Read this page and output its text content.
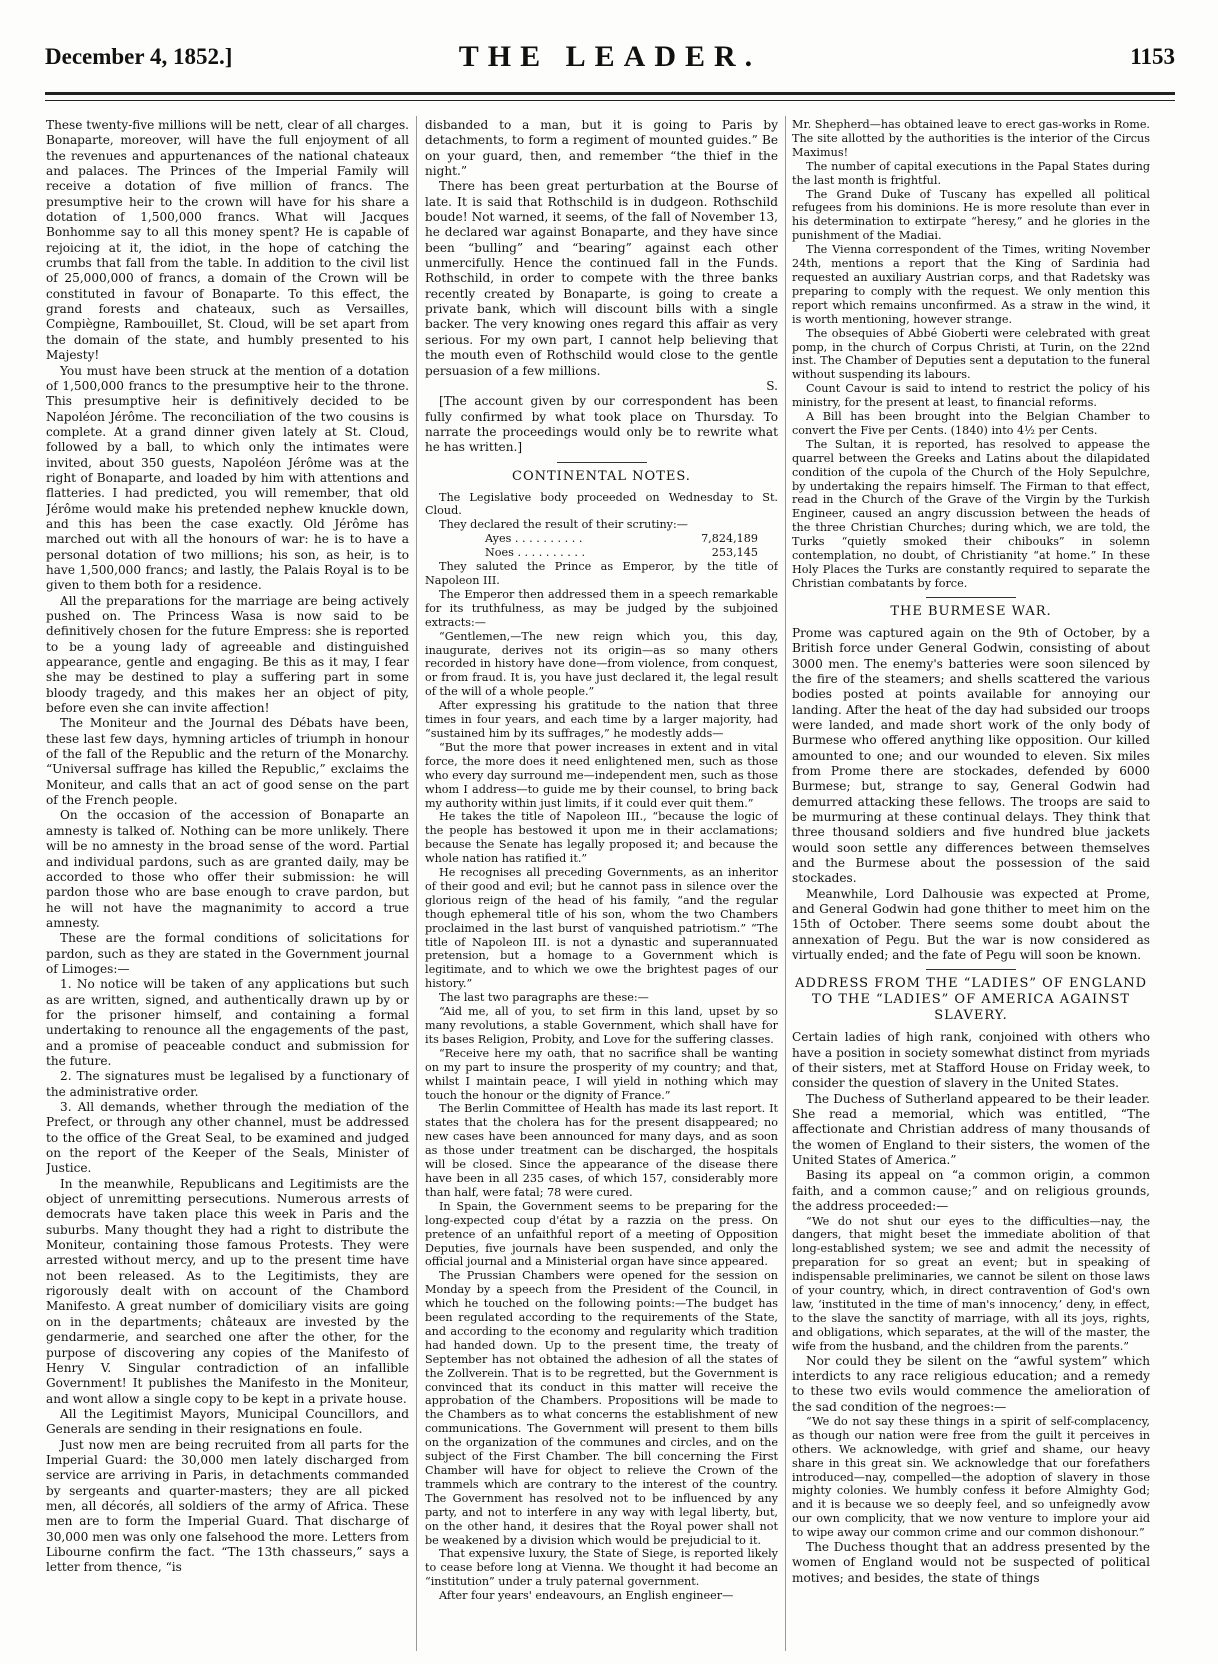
December 4, 1852.]	THE LEADER.	1153

These twenty-five millions will be nett, clear of all charges. Bonaparte, moreover, will have the full enjoyment of all the revenues and appurtenances of the national chateaux and palaces. The Princes of the Imperial Family will receive a dotation of five million of francs. The presumptive heir to the crown will have for his share a dotation of 1,500,000 francs. What will Jacques Bonhomme say to all this money spent? He is capable of rejoicing at it, the idiot, in the hope of catching the crumbs that fall from the table. In addition to the civil list of 25,000,000 of francs, a domain of the Crown will be constituted in favour of Bonaparte. To this effect, the grand forests and chateaux, such as Versailles, Compiègne, Rambouillet, St. Cloud, will be set apart from the domain of the state, and humbly presented to his Majesty!

You must have been struck at the mention of a dotation of 1,500,000 francs to the presumptive heir to the throne. This presumptive heir is definitively decided to be Napoléon Jérôme. The reconciliation of the two cousins is complete. At a grand dinner given lately at St. Cloud, followed by a ball, to which only the intimates were invited, about 350 guests, Napoléon Jérôme was at the right of Bonaparte, and loaded by him with attentions and flatteries. I had predicted, you will remember, that old Jérôme would make his pretended nephew knuckle down, and this has been the case exactly. Old Jérôme has marched out with all the honours of war: he is to have a personal dotation of two millions; his son, as heir, is to have 1,500,000 francs; and lastly, the Palais Royal is to be given to them both for a residence.

All the preparations for the marriage are being actively pushed on. The Princess Wasa is now said to be definitively chosen for the future Empress: she is reported to be a young lady of agreeable and distinguished appearance, gentle and engaging. Be this as it may, I fear she may be destined to play a suffering part in some bloody tragedy, and this makes her an object of pity, before even she can invite affection!

The Moniteur and the Journal des Débats have been, these last few days, hymning articles of triumph in honour of the fall of the Republic and the return of the Monarchy. “Universal suffrage has killed the Republic,” exclaims the Moniteur, and calls that an act of good sense on the part of the French people.

On the occasion of the accession of Bonaparte an amnesty is talked of. Nothing can be more unlikely. There will be no amnesty in the broad sense of the word. Partial and individual pardons, such as are granted daily, may be accorded to those who offer their submission: he will pardon those who are base enough to crave pardon, but he will not have the magnanimity to accord a true amnesty.

These are the formal conditions of solicitations for pardon, such as they are stated in the Government journal of Limoges:—

1. No notice will be taken of any applications but such as are written, signed, and authentically drawn up by or for the prisoner himself, and containing a formal undertaking to renounce all the engagements of the past, and a promise of peaceable conduct and submission for the future.

2. The signatures must be legalised by a functionary of the administrative order.

3. All demands, whether through the mediation of the Prefect, or through any other channel, must be addressed to the office of the Great Seal, to be examined and judged on the report of the Keeper of the Seals, Minister of Justice.

In the meanwhile, Republicans and Legitimists are the object of unremitting persecutions. Numerous arrests of democrats have taken place this week in Paris and the suburbs. Many thought they had a right to distribute the Moniteur, containing those famous Protests. They were arrested without mercy, and up to the present time have not been released. As to the Legitimists, they are rigorously dealt with on account of the Chambord Manifesto. A great number of domiciliary visits are going on in the departments; châteaux are invested by the gendarmerie, and searched one after the other, for the purpose of discovering any copies of the Manifesto of Henry V. Singular contradiction of an infallible Government! It publishes the Manifesto in the Moniteur, and wont allow a single copy to be kept in a private house.

All the Legitimist Mayors, Municipal Councillors, and Generals are sending in their resignations en foule.

Just now men are being recruited from all parts for the Imperial Guard: the 30,000 men lately discharged from service are arriving in Paris, in detachments commanded by sergeants and quarter-masters; they are all picked men, all décorés, all soldiers of the army of Africa. These men are to form the Imperial Guard. That discharge of 30,000 men was only one falsehood the more. Letters from Libourne confirm the fact. “The 13th chasseurs,” says a letter from thence, “is

disbanded to a man, but it is going to Paris by detachments, to form a regiment of mounted guides.” Be on your guard, then, and remember “the thief in the night.”

There has been great perturbation at the Bourse of late. It is said that Rothschild is in dudgeon. Rothschild boude! Not warned, it seems, of the fall of November 13, he declared war against Bonaparte, and they have since been “bulling” and “bearing” against each other unmercifully. Hence the continued fall in the Funds. Rothschild, in order to compete with the three banks recently created by Bonaparte, is going to create a private bank, which will discount bills with a single backer. The very knowing ones regard this affair as very serious. For my own part, I cannot help believing that the mouth even of Rothschild would close to the gentle persuasion of a few millions.

S.

[The account given by our correspondent has been fully confirmed by what took place on Thursday. To narrate the proceedings would only be to rewrite what he has written.]

CONTINENTAL NOTES.

The Legislative body proceeded on Wednesday to St. Cloud.

They declared the result of their scrutiny:—

Ayes . . . . . . . . . .	7,824,189
Noes . . . . . . . . . .	253,145

They saluted the Prince as Emperor, by the title of Napoleon III.

The Emperor then addressed them in a speech remarkable for its truthfulness, as may be judged by the subjoined extracts:—

“Gentlemen,—The new reign which you, this day, inaugurate, derives not its origin—as so many others recorded in history have done—from violence, from conquest, or from fraud. It is, you have just declared it, the legal result of the will of a whole people.”

After expressing his gratitude to the nation that three times in four years, and each time by a larger majority, had “sustained him by its suffrages,” he modestly adds—

“But the more that power increases in extent and in vital force, the more does it need enlightened men, such as those who every day surround me—independent men, such as those whom I address—to guide me by their counsel, to bring back my authority within just limits, if it could ever quit them.”

He takes the title of Napoleon III., “because the logic of the people has bestowed it upon me in their acclamations; because the Senate has legally proposed it; and because the whole nation has ratified it.”

He recognises all preceding Governments, as an inheritor of their good and evil; but he cannot pass in silence over the glorious reign of the head of his family, “and the regular though ephemeral title of his son, whom the two Chambers proclaimed in the last burst of vanquished patriotism.” “The title of Napoleon III. is not a dynastic and superannuated pretension, but a homage to a Government which is legitimate, and to which we owe the brightest pages of our history.”

The last two paragraphs are these:—

“Aid me, all of you, to set firm in this land, upset by so many revolutions, a stable Government, which shall have for its bases Religion, Probity, and Love for the suffering classes.

“Receive here my oath, that no sacrifice shall be wanting on my part to insure the prosperity of my country; and that, whilst I maintain peace, I will yield in nothing which may touch the honour or the dignity of France.”

The Berlin Committee of Health has made its last report. It states that the cholera has for the present disappeared; no new cases have been announced for many days, and as soon as those under treatment can be discharged, the hospitals will be closed. Since the appearance of the disease there have been in all 235 cases, of which 157, considerably more than half, were fatal; 78 were cured.

In Spain, the Government seems to be preparing for the long-expected coup d'état by a razzia on the press. On pretence of an unfaithful report of a meeting of Opposition Deputies, five journals have been suspended, and only the official journal and a Ministerial organ have since appeared.

The Prussian Chambers were opened for the session on Monday by a speech from the President of the Council, in which he touched on the following points:—The budget has been regulated according to the requirements of the State, and according to the economy and regularity which tradition had handed down. Up to the present time, the treaty of September has not obtained the adhesion of all the states of the Zollverein. That is to be regretted, but the Government is convinced that its conduct in this matter will receive the approbation of the Chambers. Propositions will be made to the Chambers as to what concerns the establishment of new communications. The Government will present to them bills on the organization of the communes and circles, and on the subject of the First Chamber. The bill concerning the First Chamber will have for object to relieve the Crown of the trammels which are contrary to the interest of the country. The Government has resolved not to be influenced by any party, and not to interfere in any way with legal liberty, but, on the other hand, it desires that the Royal power shall not be weakened by a division which would be prejudicial to it.

That expensive luxury, the State of Siege, is reported likely to cease before long at Vienna. We thought it had become an “institution” under a truly paternal government.

After four years' endeavours, an English engineer—

Mr. Shepherd—has obtained leave to erect gas-works in Rome. The site allotted by the authorities is the interior of the Circus Maximus!

The number of capital executions in the Papal States during the last month is frightful.

The Grand Duke of Tuscany has expelled all political refugees from his dominions. He is more resolute than ever in his determination to extirpate “heresy,” and he glories in the punishment of the Madiai.

The Vienna correspondent of the Times, writing November 24th, mentions a report that the King of Sardinia had requested an auxiliary Austrian corps, and that Radetsky was preparing to comply with the request. We only mention this report which remains unconfirmed. As a straw in the wind, it is worth mentioning, however strange.

The obsequies of Abbé Gioberti were celebrated with great pomp, in the church of Corpus Christi, at Turin, on the 22nd inst. The Chamber of Deputies sent a deputation to the funeral without suspending its labours.

Count Cavour is said to intend to restrict the policy of his ministry, for the present at least, to financial reforms.

A Bill has been brought into the Belgian Chamber to convert the Five per Cents. (1840) into 4½ per Cents.

The Sultan, it is reported, has resolved to appease the quarrel between the Greeks and Latins about the dilapidated condition of the cupola of the Church of the Holy Sepulchre, by undertaking the repairs himself. The Firman to that effect, read in the Church of the Grave of the Virgin by the Turkish Engineer, caused an angry discussion between the heads of the three Christian Churches; during which, we are told, the Turks “quietly smoked their chibouks” in solemn contemplation, no doubt, of Christianity “at home.” In these Holy Places the Turks are constantly required to separate the Christian combatants by force.

THE BURMESE WAR.

Prome was captured again on the 9th of October, by a British force under General Godwin, consisting of about 3000 men. The enemy's batteries were soon silenced by the fire of the steamers; and shells scattered the various bodies posted at points available for annoying our landing. After the heat of the day had subsided our troops were landed, and made short work of the only body of Burmese who offered anything like opposition. Our killed amounted to one; and our wounded to eleven. Six miles from Prome there are stockades, defended by 6000 Burmese; but, strange to say, General Godwin had demurred attacking these fellows. The troops are said to be murmuring at these continual delays. They think that three thousand soldiers and five hundred blue jackets would soon settle any differences between themselves and the Burmese about the possession of the said stockades.

Meanwhile, Lord Dalhousie was expected at Prome, and General Godwin had gone thither to meet him on the 15th of October. There seems some doubt about the annexation of Pegu. But the war is now considered as virtually ended; and the fate of Pegu will soon be known.

ADDRESS FROM THE “LADIES” OF ENGLAND TO THE “LADIES” OF AMERICA AGAINST SLAVERY.

Certain ladies of high rank, conjoined with others who have a position in society somewhat distinct from myriads of their sisters, met at Stafford House on Friday week, to consider the question of slavery in the United States.

The Duchess of Sutherland appeared to be their leader. She read a memorial, which was entitled, “The affectionate and Christian address of many thousands of the women of England to their sisters, the women of the United States of America.”

Basing its appeal on “a common origin, a common faith, and a common cause;” and on religious grounds, the address proceeded:—

“We do not shut our eyes to the difficulties—nay, the dangers, that might beset the immediate abolition of that long-established system; we see and admit the necessity of preparation for so great an event; but in speaking of indispensable preliminaries, we cannot be silent on those laws of your country, which, in direct contravention of God's own law, ‘instituted in the time of man's innocency,’ deny, in effect, to the slave the sanctity of marriage, with all its joys, rights, and obligations, which separates, at the will of the master, the wife from the husband, and the children from the parents.”

Nor could they be silent on the “awful system” which interdicts to any race religious education; and a remedy to these two evils would commence the amelioration of the sad condition of the negroes:—

“We do not say these things in a spirit of self-complacency, as though our nation were free from the guilt it perceives in others. We acknowledge, with grief and shame, our heavy share in this great sin. We acknowledge that our forefathers introduced—nay, compelled—the adoption of slavery in those mighty colonies. We humbly confess it before Almighty God; and it is because we so deeply feel, and so unfeignedly avow our own complicity, that we now venture to implore your aid to wipe away our common crime and our common dishonour.”

The Duchess thought that an address presented by the women of England would not be suspected of political motives; and besides, the state of things
